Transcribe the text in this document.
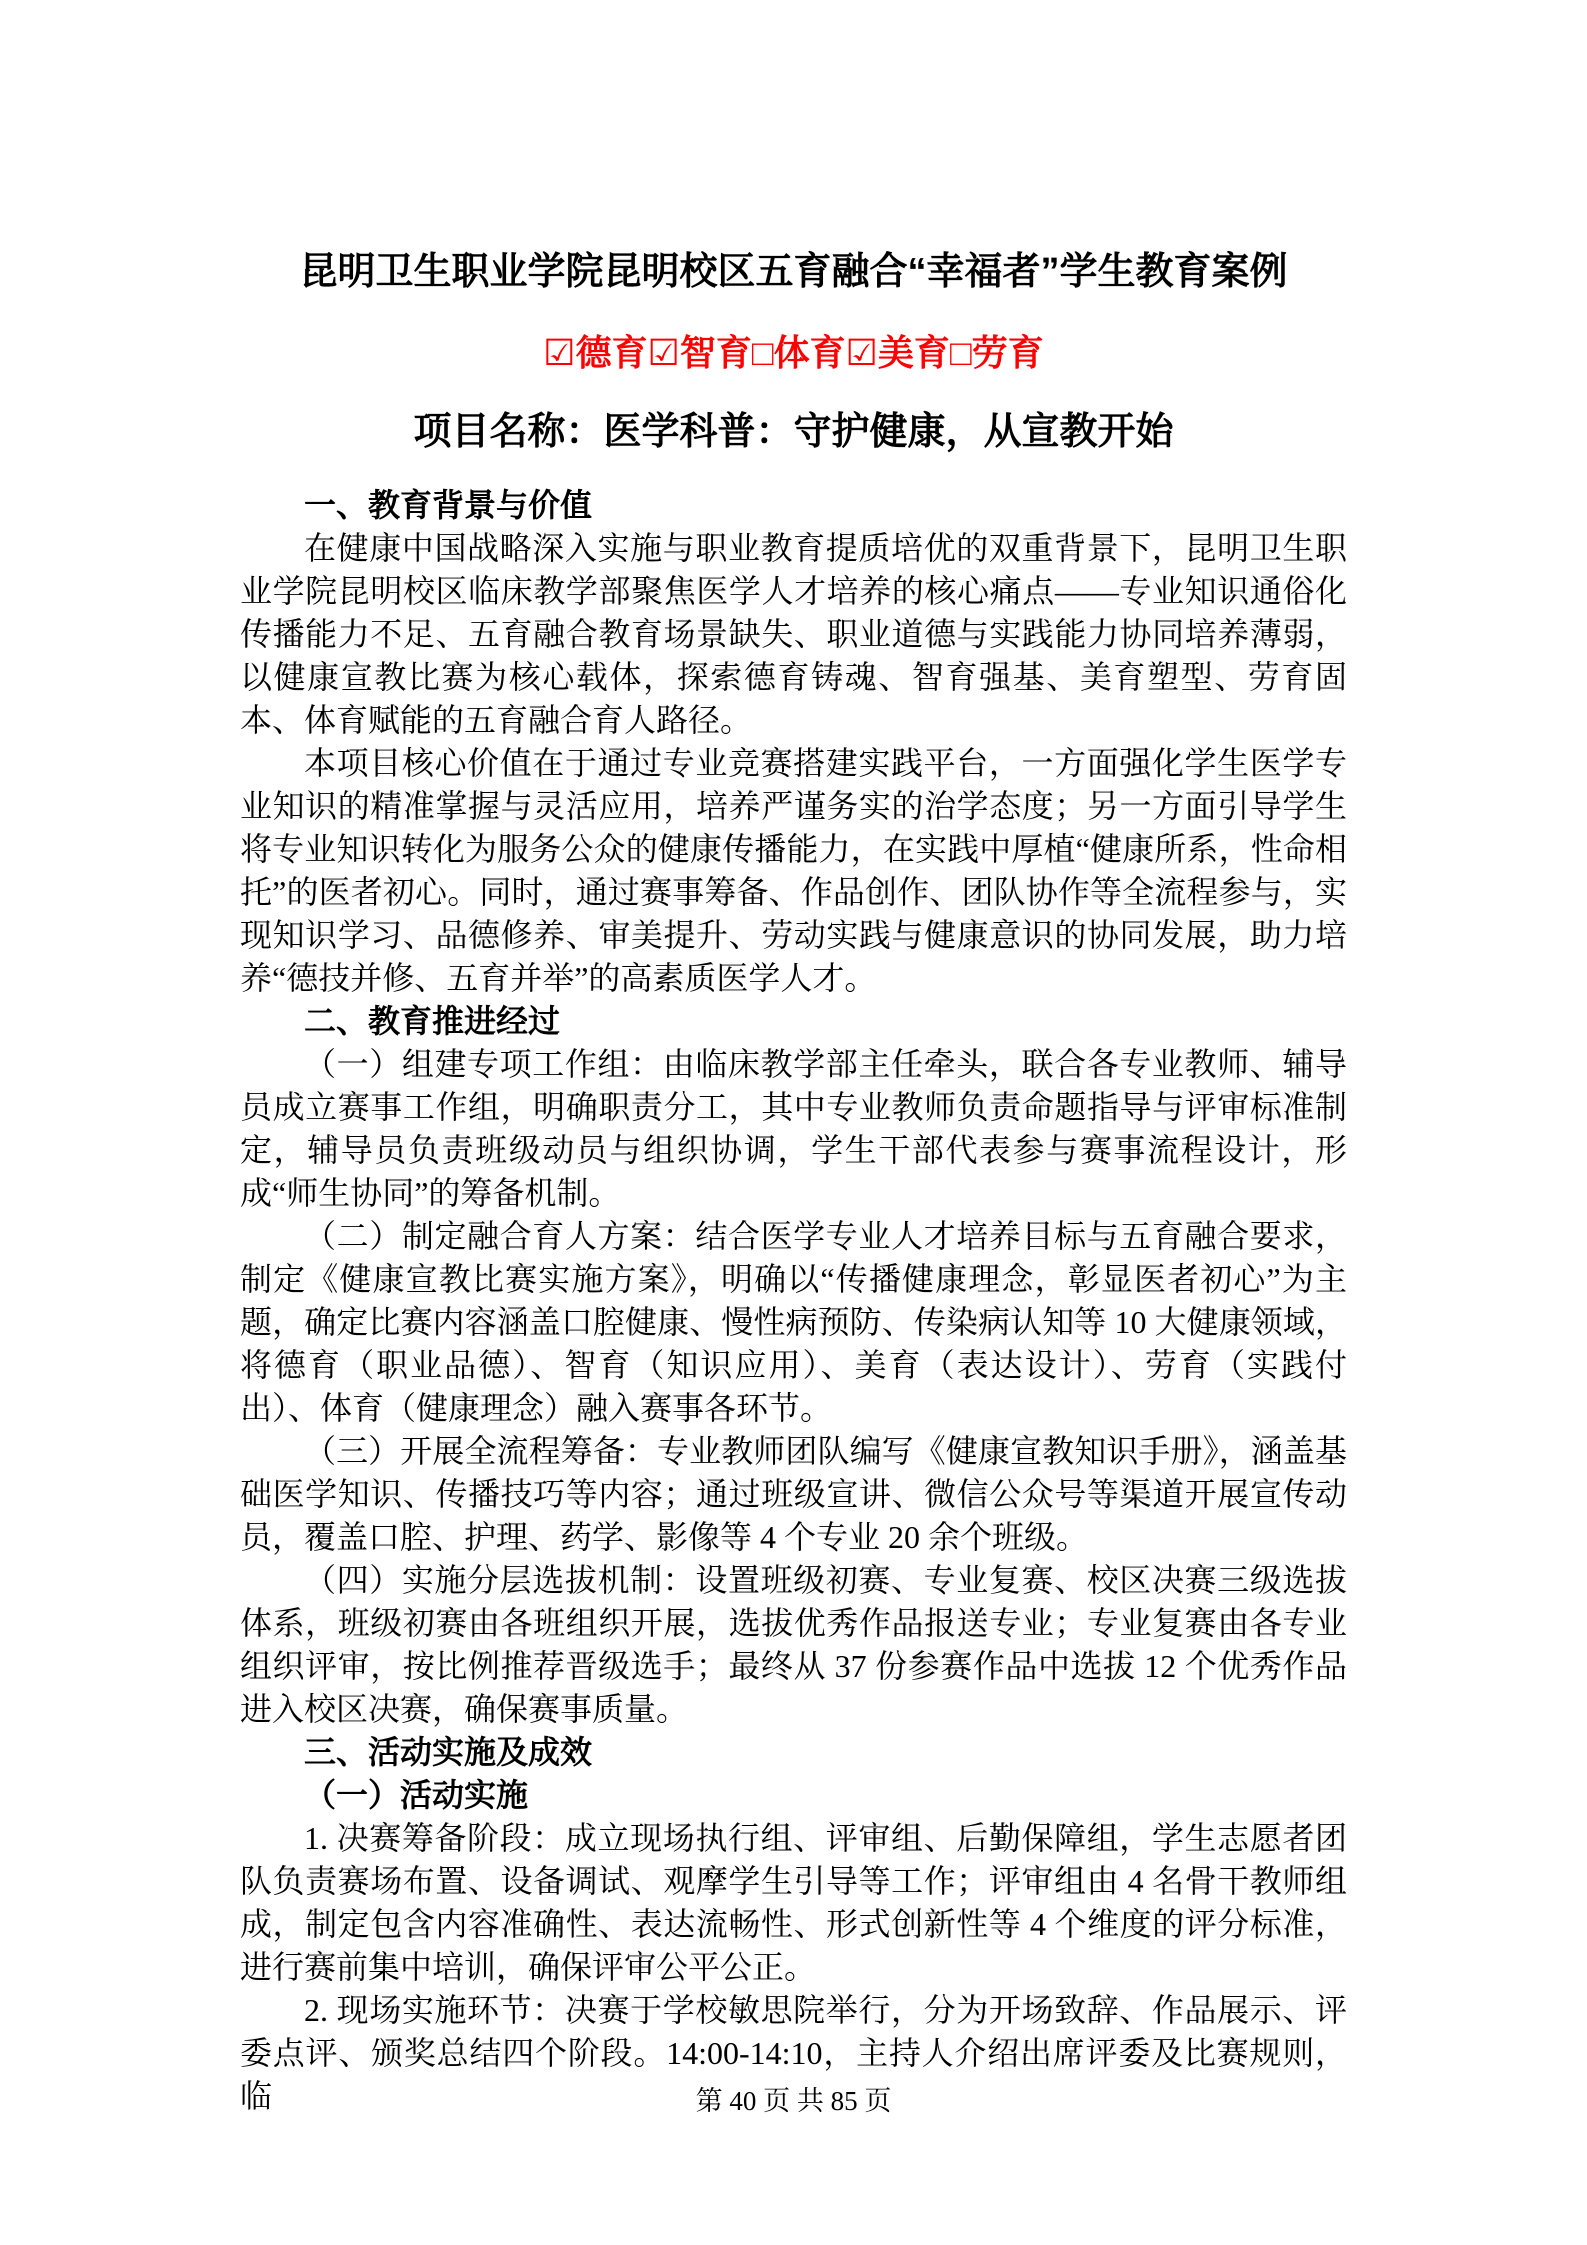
昆明卫生职业学院昆明校区五育融合“幸福者”学生教育案例
☑德育☑智育□体育☑美育□劳育
项目名称：医学科普：守护健康，从宣教开始

一、教育背景与价值

在健康中国战略深入实施与职业教育提质培优的双重背景下，昆明卫生职业学院昆明校区临床教学部聚焦医学人才培养的核心痛点——专业知识通俗化传播能力不足、五育融合教育场景缺失、职业道德与实践能力协同培养薄弱，以健康宣教比赛为核心载体，探索德育铸魂、智育强基、美育塑型、劳育固本、体育赋能的五育融合育人路径。

本项目核心价值在于通过专业竞赛搭建实践平台，一方面强化学生医学专业知识的精准掌握与灵活应用，培养严谨务实的治学态度；另一方面引导学生将专业知识转化为服务公众的健康传播能力，在实践中厚植“健康所系，性命相托”的医者初心。同时，通过赛事筹备、作品创作、团队协作等全流程参与，实现知识学习、品德修养、审美提升、劳动实践与健康意识的协同发展，助力培养“德技并修、五育并举”的高素质医学人才。

二、教育推进经过

（一）组建专项工作组：由临床教学部主任牵头，联合各专业教师、辅导员成立赛事工作组，明确职责分工，其中专业教师负责命题指导与评审标准制定，辅导员负责班级动员与组织协调，学生干部代表参与赛事流程设计，形成“师生协同”的筹备机制。

（二）制定融合育人方案：结合医学专业人才培养目标与五育融合要求，制定《健康宣教比赛实施方案》，明确以“传播健康理念，彰显医者初心”为主题，确定比赛内容涵盖口腔健康、慢性病预防、传染病认知等 10 大健康领域，将德育（职业品德）、智育（知识应用）、美育（表达设计）、劳育（实践付出）、体育（健康理念）融入赛事各环节。

（三）开展全流程筹备：专业教师团队编写《健康宣教知识手册》，涵盖基础医学知识、传播技巧等内容；通过班级宣讲、微信公众号等渠道开展宣传动员，覆盖口腔、护理、药学、影像等 4 个专业 20 余个班级。

（四）实施分层选拔机制：设置班级初赛、专业复赛、校区决赛三级选拔体系，班级初赛由各班组织开展，选拔优秀作品报送专业；专业复赛由各专业组织评审，按比例推荐晋级选手；最终从 37 份参赛作品中选拔 12 个优秀作品进入校区决赛，确保赛事质量。

三、活动实施及成效

（一）活动实施

1. 决赛筹备阶段：成立现场执行组、评审组、后勤保障组，学生志愿者团队负责赛场布置、设备调试、观摩学生引导等工作；评审组由 4 名骨干教师组成，制定包含内容准确性、表达流畅性、形式创新性等 4 个维度的评分标准，进行赛前集中培训，确保评审公平公正。

2. 现场实施环节：决赛于学校敏思院举行，分为开场致辞、作品展示、评委点评、颁奖总结四个阶段。14:00-14:10，主持人介绍出席评委及比赛规则，临	第 40 页 共 85 页
